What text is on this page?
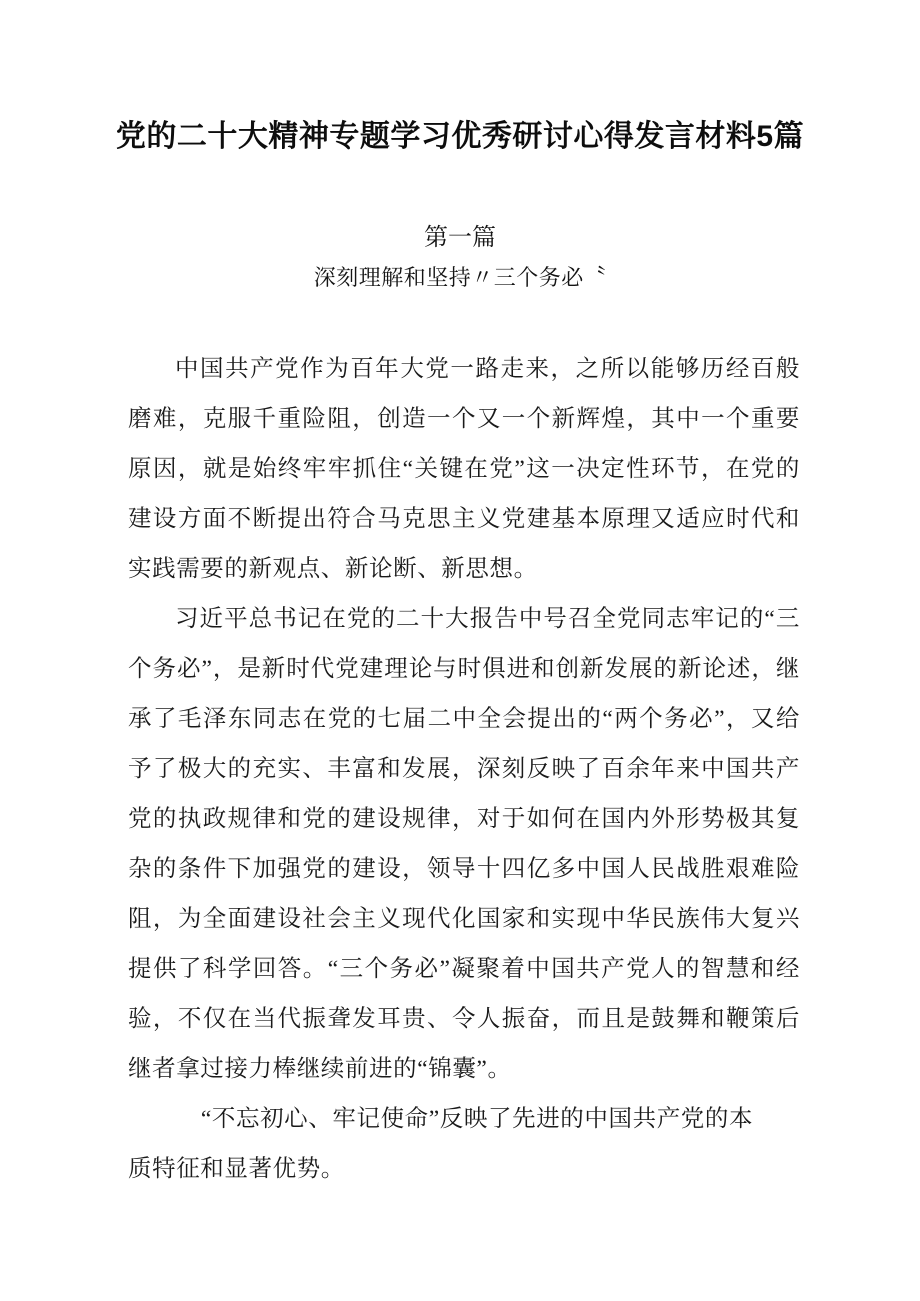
党的二十大精神专题学习优秀研讨心得发言材料5篇
第一篇
深刻理解和坚持〃三个务必〝

中国共产党作为百年大党一路走来，之所以能够历经百般磨难，克服千重险阻，创造一个又一个新辉煌，其中一个重要原因，就是始终牢牢抓住“关键在党”这一决定性环节，在党的建设方面不断提出符合马克思主义党建基本原理又适应时代和实践需要的新观点、新论断、新思想。

习近平总书记在党的二十大报告中号召全党同志牢记的“三个务必”，是新时代党建理论与时俱进和创新发展的新论述，继承了毛泽东同志在党的七届二中全会提出的“两个务必”，又给予了极大的充实、丰富和发展，深刻反映了百余年来中国共产党的执政规律和党的建设规律，对于如何在国内外形势极其复杂的条件下加强党的建设，领导十四亿多中国人民战胜艰难险阻，为全面建设社会主义现代化国家和实现中华民族伟大复兴提供了科学回答。“三个务必”凝聚着中国共产党人的智慧和经验，不仅在当代振聋发耳贵、令人振奋，而且是鼓舞和鞭策后继者拿过接力棒继续前进的“锦囊”。

“不忘初心、牢记使命”反映了先进的中国共产党的本

质特征和显著优势。
